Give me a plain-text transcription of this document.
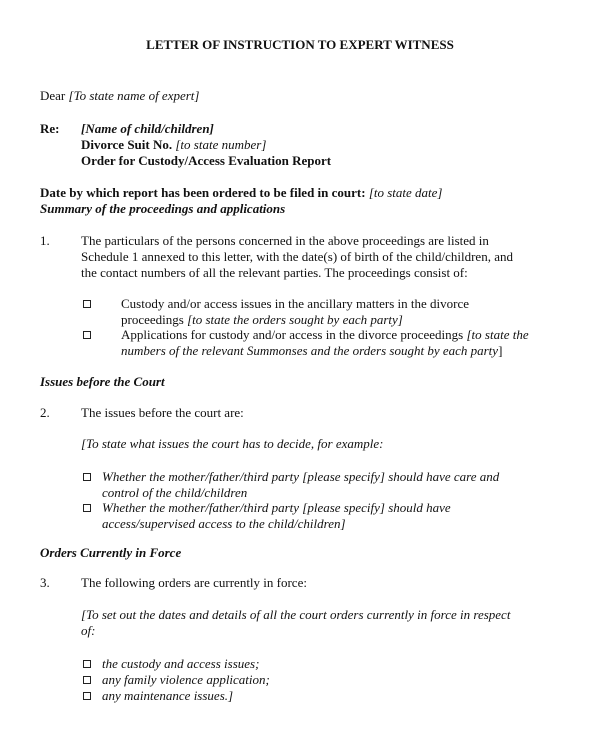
LETTER OF INSTRUCTION TO EXPERT WITNESS
Dear [To state name of expert]
Re: [Name of child/children]
Divorce Suit No. [to state number]
Order for Custody/Access Evaluation Report
Date by which report has been ordered to be filed in court: [to state date]
Summary of the proceedings and applications
1. The particulars of the persons concerned in the above proceedings are listed in
Schedule 1 annexed to this letter, with the date(s) of birth of the child/children, and
the contact numbers of all the relevant parties. The proceedings consist of:
Custody and/or access issues in the ancillary matters in the divorce
proceedings [to state the orders sought by each party]
Applications for custody and/or access in the divorce proceedings [to state the
numbers of the relevant Summonses and the orders sought by each party]
Issues before the Court
2. The issues before the court are:
[To state what issues the court has to decide, for example:
Whether the mother/father/third party [please specify] should have care and
control of the child/children
Whether the mother/father/third party [please specify] should have
access/supervised access to the child/children]
Orders Currently in Force
3. The following orders are currently in force:
[To set out the dates and details of all the court orders currently in force in respect
of:
the custody and access issues;
any family violence application;
any maintenance issues.]
